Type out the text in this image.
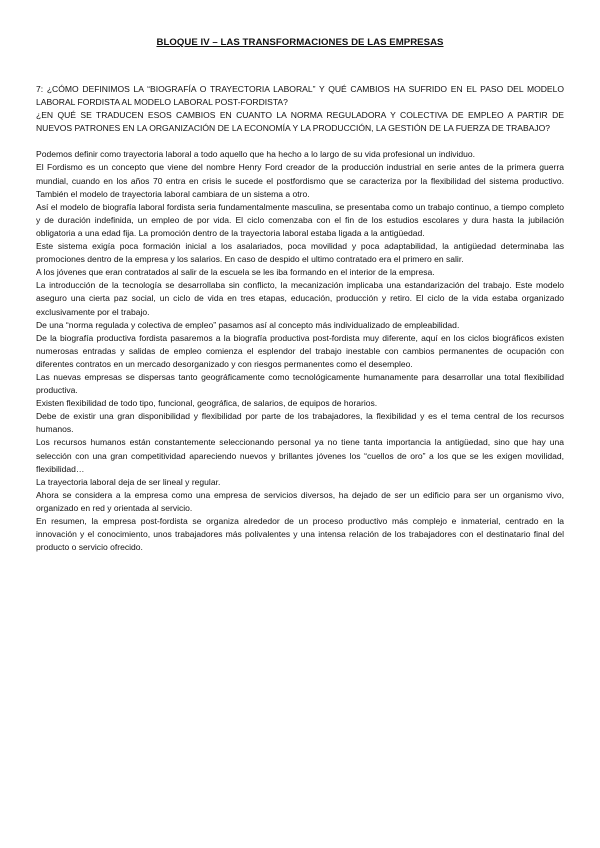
BLOQUE IV – LAS TRANSFORMACIONES DE LAS EMPRESAS

7: ¿CÓMO DEFINIMOS LA “BIOGRAFÍA O TRAYECTORIA LABORAL” Y QUÉ CAMBIOS HA SUFRIDO EN EL PASO DEL MODELO LABORAL FORDISTA AL MODELO LABORAL POST-FORDISTA?

¿EN QUÉ SE TRADUCEN ESOS CAMBIOS EN CUANTO LA NORMA REGULADORA Y COLECTIVA DE EMPLEO A PARTIR DE NUEVOS PATRONES EN LA ORGANIZACIÓN DE LA ECONOMÍA Y LA PRODUCCIÓN, LA GESTIÓN DE LA FUERZA DE TRABAJO?

Podemos definir como trayectoria laboral a todo aquello que ha hecho a lo largo de su vida profesional un individuo.

El Fordismo es un concepto que viene del nombre Henry Ford creador de la producción industrial en serie antes de la primera guerra mundial, cuando en los años 70 entra en crisis le sucede el postfordismo que se caracteriza por la flexibilidad del sistema productivo. También el modelo de trayectoria laboral cambiara de un sistema a otro.

Así el modelo de biografía laboral fordista seria fundamentalmente masculina, se presentaba como un trabajo continuo, a tiempo completo y de duración indefinida, un empleo de por vida. El ciclo comenzaba con el fin de los estudios escolares y dura hasta la jubilación obligatoria a una edad fija. La promoción dentro de la trayectoria laboral estaba ligada a la antigüedad.

Este sistema exigía poca formación inicial a los asalariados, poca movilidad y poca adaptabilidad, la antigüedad determinaba las promociones dentro de la empresa y los salarios. En caso de despido el ultimo contratado era el primero en salir.

A los jóvenes que eran contratados al salir de la escuela se les iba formando en el interior de la empresa.

La introducción de la tecnología se desarrollaba sin conflicto, la mecanización implicaba una estandarización del trabajo. Este modelo aseguro una cierta paz social, un ciclo de vida en tres etapas, educación, producción y retiro. El ciclo de la vida estaba organizado exclusivamente por el trabajo.

De una “norma regulada y colectiva de empleo” pasamos así al concepto más individualizado de empleabilidad.

De la biografía productiva fordista pasaremos a la biografía productiva post-fordista muy diferente, aquí en los ciclos biográficos existen numerosas entradas y salidas de empleo comienza el esplendor del trabajo inestable con cambios permanentes de ocupación con diferentes contratos en un mercado desorganizado y con riesgos permanentes como el desempleo.

Las nuevas empresas se dispersas tanto geográficamente como tecnológicamente humanamente para desarrollar una total flexibilidad productiva.

Existen flexibilidad de todo tipo, funcional, geográfica, de salarios, de equipos de horarios.

Debe de existir una gran disponibilidad y flexibilidad por parte de los trabajadores, la flexibilidad y es el tema central de los recursos humanos.

Los recursos humanos están constantemente seleccionando personal ya no tiene tanta importancia la antigüedad, sino que hay una selección con una gran competitividad apareciendo nuevos y brillantes jóvenes los “cuellos de oro” a los que se les exigen movilidad, flexibilidad…

La trayectoria laboral deja de ser lineal y regular.

Ahora se considera a la empresa como una empresa de servicios diversos, ha dejado de ser un edificio para ser un organismo vivo, organizado en red y orientada al servicio.

En resumen, la empresa post-fordista se organiza alrededor de un proceso productivo más complejo e inmaterial, centrado en la innovación y el conocimiento, unos trabajadores más polivalentes y una intensa relación de los trabajadores con el destinatario final del producto o servicio ofrecido.
